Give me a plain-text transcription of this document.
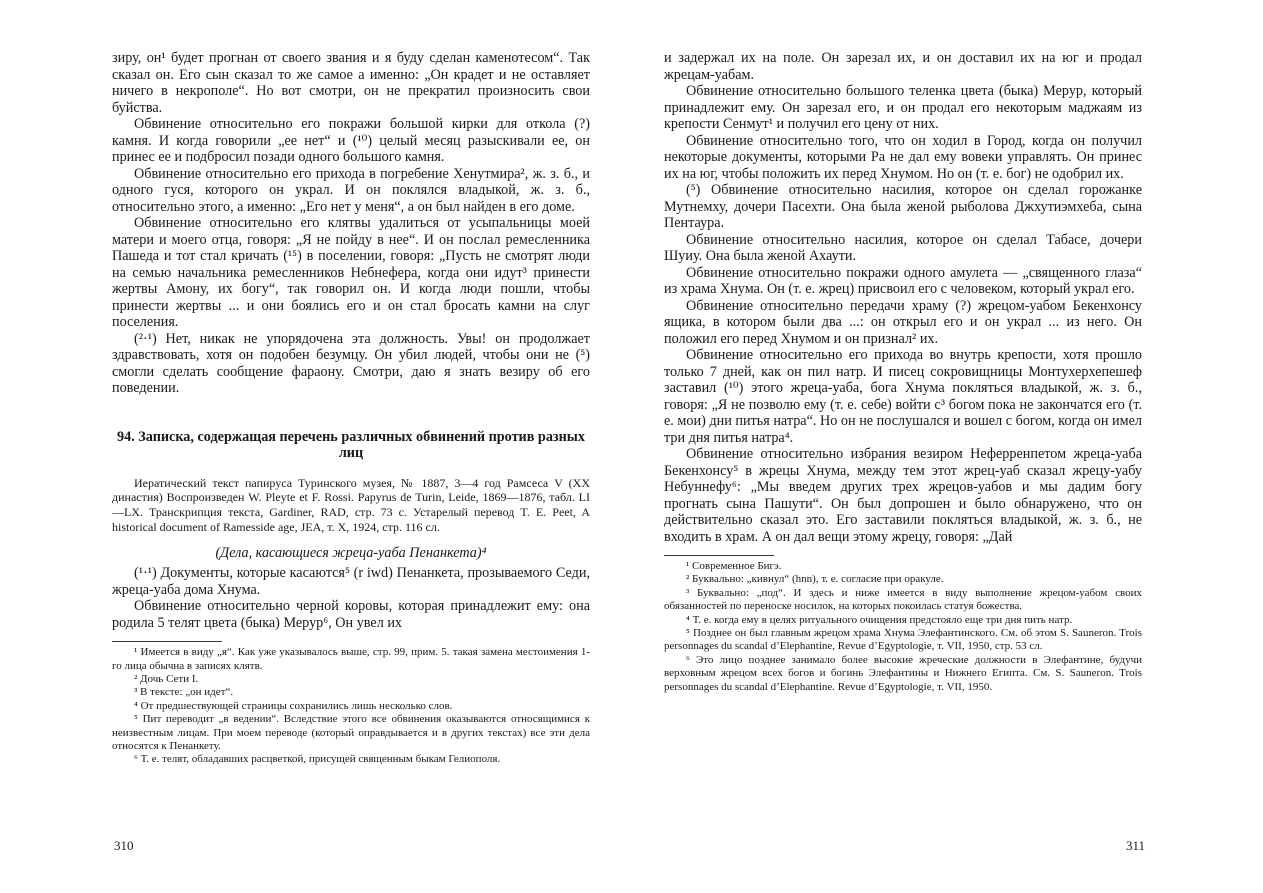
зиру, он¹ будет прогнан от своего звания и я буду сделан каменотесом“. Так сказал он. Его сын сказал то же самое а именно: „Он крадет и не оставляет ничего в некрополе“. Но вот смотри, он не прекратил произносить свои буйства.

Обвинение относительно его покражи большой кирки для откола (?) камня. И когда говорили „ее нет“ и (¹⁰) целый месяц разыскивали ее, он принес ее и подбросил позади одного большого камня.

Обвинение относительно его прихода в погребение Хенутмира², ж. з. б., и одного гуся, которого он украл. И он поклялся владыкой, ж. з. б., относительно этого, а именно: „Его нет у меня“, а он был найден в его доме.

Обвинение относительно его клятвы удалиться от усыпальницы моей матери и моего отца, говоря: „Я не пойду в нее“. И он послал ремесленника Пашеда и тот стал кричать (¹⁵) в поселении, говоря: „Пусть не смотрят люди на семью начальника ремесленников Небнефера, когда они идут³ принести жертвы Амону, их богу“, так говорил он. И когда люди пошли, чтобы принести жертвы ... и они боялись его и он стал бросать камни на слуг поселения.

(²·¹) Нет, никак не упорядочена эта должность. Увы! он продолжает здравствовать, хотя он подобен безумцу. Он убил людей, чтобы они не (⁵) смогли сделать сообщение фараону. Смотри, даю я знать везиру об его поведении.

94. Записка, содержащая перечень различных обвинений против разных лиц

Иератический текст папируса Туринского музея, № 1887, 3—4 год Рамсеса V (XX династия) Воспроизведен W. Pleyte et F. Rossi. Papyrus de Turin, Leide, 1869—1876, табл. LI—LX. Транскрипция текста, Gardiner, RAD, стр. 73 с. Устарелый перевод T. E. Peet, A historical document of Ramesside age, JEA, т. X, 1924, стр. 116 сл.

(Дела, касающиеся жреца-уаба Пенанкета)⁴

(¹·¹) Документы, которые касаются⁵ (r iwd) Пенанкета, прозываемого Седи, жреца-уаба дома Хнума.

Обвинение относительно черной коровы, которая принадлежит ему: она родила 5 телят цвета (быка) Меруp⁶, Он увел их

¹ Имеется в виду „я“. Как уже указывалось выше, стр. 99, прим. 5. такая замена местоимения 1-го лица обычна в записях клятв.

² Дочь Сети I.

³ В тексте: „он идет“.

⁴ От предшествующей страницы сохранились лишь несколько слов.

⁵ Пит переводит „в ведении“. Вследствие этого все обвинения оказываются относящимися к неизвестным лицам. При моем переводе (который оправдывается и в других текстах) все эти дела относятся к Пенанкету.

⁶ Т. е. телят, обладавших расцветкой, присущей священным быкам Гелиополя.

310

и задержал их на поле. Он зарезал их, и он доставил их на юг и продал жрецам-уабам.

Обвинение относительно большого теленка цвета (быка) Меруp, который принадлежит ему. Он зарезал его, и он продал его некоторым маджаям из крепости Сенмут¹ и получил его цену от них.

Обвинение относительно того, что он ходил в Город, когда он получил некоторые документы, которыми Ра не дал ему вовеки управлять. Он принес их на юг, чтобы положить их перед Хнумом. Но он (т. е. бог) не одобрил их.

(⁵) Обвинение относительно насилия, которое он сделал горожанке Мутнемху, дочери Пасехти. Она была женой рыболова Джхутиэмхеба, сына Пентаура.

Обвинение относительно насилия, которое он сделал Табасе, дочери Шуиу. Она была женой Ахаути.

Обвинение относительно покражи одного амулета — „священного глаза“ из храма Хнума. Он (т. е. жрец) присвоил его с человеком, который украл его.

Обвинение относительно передачи храму (?) жрецом-уабом Бекенхонсу ящика, в котором были два ...: он открыл его и он украл ... из него. Он положил его перед Хнумом и он признал² их.

Обвинение относительно его прихода во внутрь крепости, хотя прошло только 7 дней, как он пил натр. И писец сокровищницы Монтухерхепешеф заставил (¹⁰) этого жреца-уаба, бога Хнума покляться владыкой, ж. з. б., говоря: „Я не позволю ему (т. е. себе) войти с³ богом пока не закончатся его (т. е. мои) дни питья натра“. Но он не послушался и вошел с богом, когда он имел три дня питья натра⁴.

Обвинение относительно избрания везиром Неферренпетом жреца-уаба Бекенхонсу⁵ в жрецы Хнума, между тем этот жрец-уаб сказал жрецу-уабу Небуннефу⁶: „Мы введем других трех жрецов-уабов и мы дадим богу прогнать сына Пашути“. Он был допрошен и было обнаружено, что он действительно сказал это. Его заставили покляться владыкой, ж. з. б., не входить в храм. А он дал вещи этому жрецу, говоря: „Дай

¹ Современное Бигэ.

² Буквально: „кивнул“ (hnn), т. е. согласие при оракуле.

³ Буквально: „под“. И здесь и ниже имеется в виду выполнение жрецом-уабом своих обязанностей по переноске носилок, на которых покоилась статуя божества.

⁴ Т. е. когда ему в целях ритуального очищения предстояло еще три дня пить натр.

⁵ Позднее он был главным жрецом храма Хнума Элефантинского. См. об этом S. Sauneron. Trois personnages du scandal d’Elephantine, Revue d’Egyptologie, т. VII, 1950, стр. 53 сл.

⁶ Это лицо позднее занимало более высокие жреческие должности в Элефантине, будучи верховным жрецом всех богов и богинь Элефантины и Нижнего Египта. См. S. Sauneron. Trois personnages du scandal d’Elephantine. Revue d’Egyptologie, т. VII, 1950.

311
